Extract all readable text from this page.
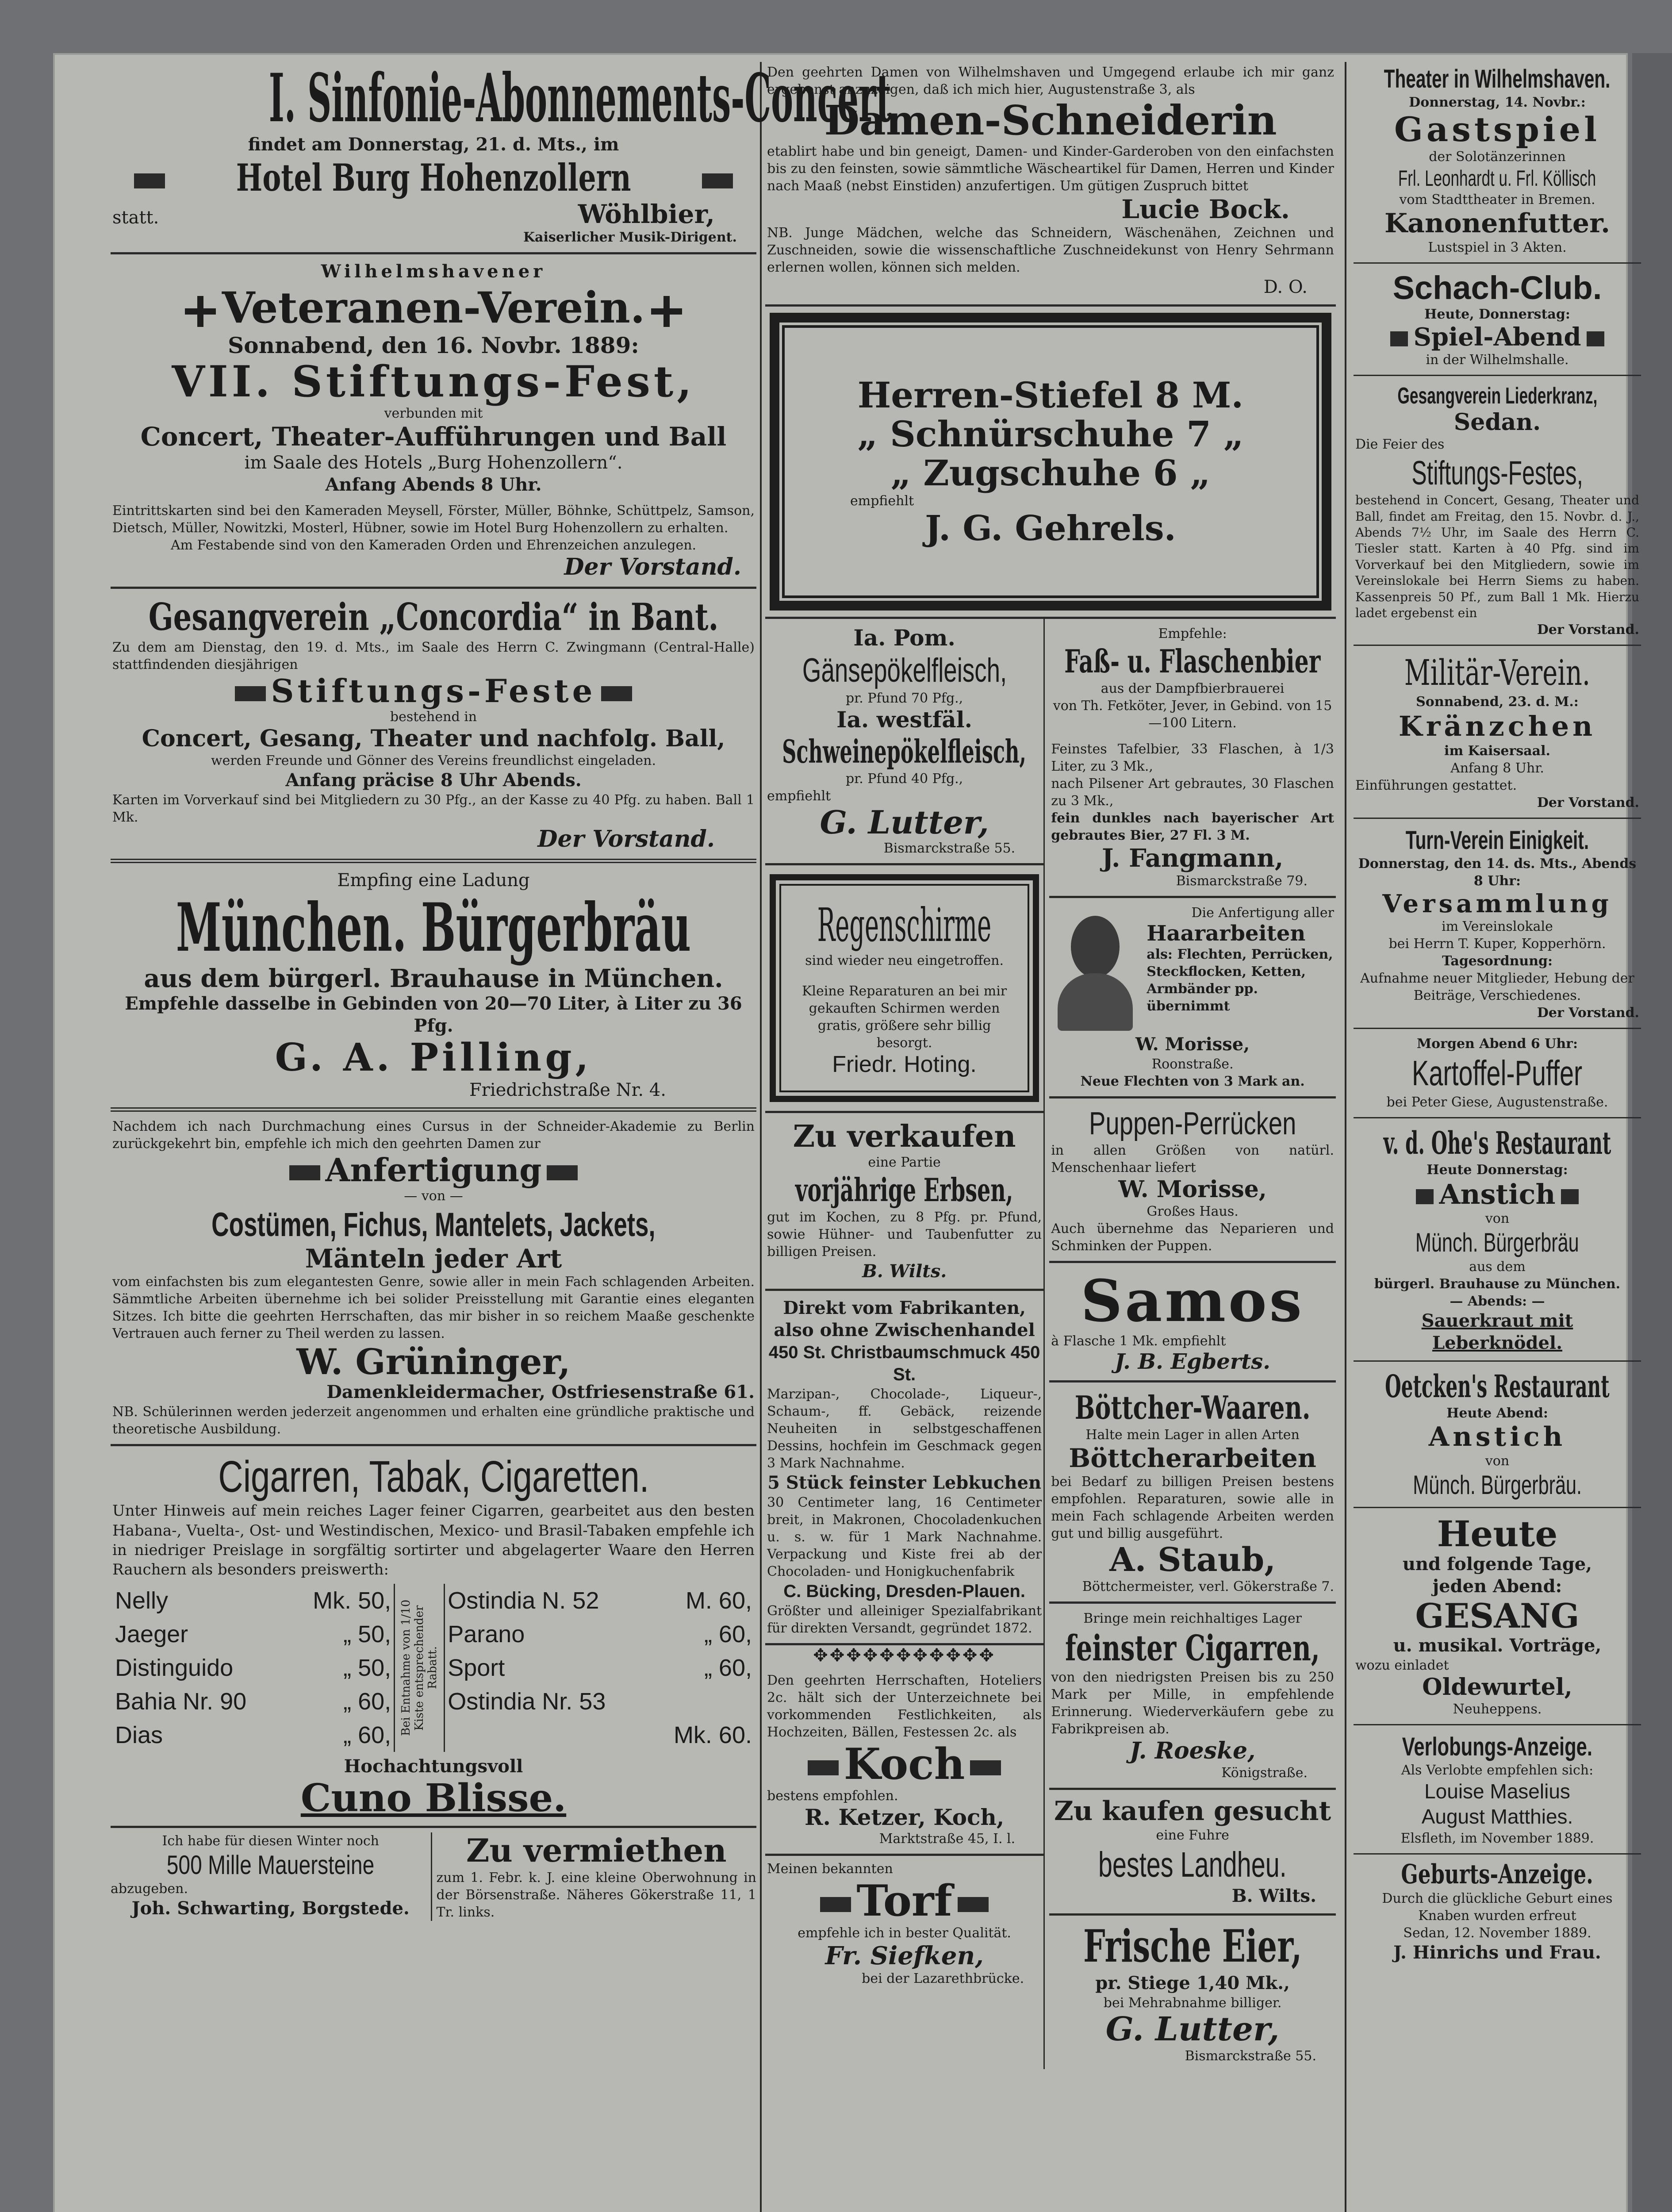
I. Sinfonie-Abonnements-Concert
findet am Donnerstag, 21. d. Mts., im
Hotel Burg Hohenzollern
statt.	Wöhlbier,
Kaiserlicher Musik-Dirigent.
Wilhelmshavener
Veteranen-Verein.
Sonnabend, den 16. Novbr. 1889:
VII. Stiftungs-Fest,
verbunden mit
Concert, Theater-Aufführungen und Ball
im Saale des Hotels „Burg Hohenzollern“.
Anfang Abends 8 Uhr.
Eintrittskarten sind bei den Kameraden Meysell, Förster, Müller, Böhnke, Schüttpelz, Samson, Dietsch, Müller, Nowitzki, Mosterl, Hübner, sowie im Hotel Burg Hohenzollern zu erhalten.
Am Festabende sind von den Kameraden Orden und Ehrenzeichen anzulegen.
Der Vorstand.
Gesangverein „Concordia“ in Bant.
Zu dem am Dienstag, den 19. d. Mts., im Saale des Herrn C. Zwingmann (Central-Halle) stattfindenden diesjährigen
Stiftungs-Feste
bestehend in
Concert, Gesang, Theater und nachfolg. Ball,
werden Freunde und Gönner des Vereins freundlichst eingeladen.
Anfang präcise 8 Uhr Abends.
Karten im Vorverkauf sind bei Mitgliedern zu 30 Pfg., an der Kasse zu 40 Pfg. zu haben. Ball 1 Mk.
Der Vorstand.
Empfing eine Ladung
München. Bürgerbräu
aus dem bürgerl. Brauhause in München.
Empfehle dasselbe in Gebinden von 20—70 Liter, à Liter zu 36 Pfg.
G. A. Pilling,
Friedrichstraße Nr. 4.
Nachdem ich nach Durchmachung eines Cursus in der Schneider-Akademie zu Berlin zurückgekehrt bin, empfehle ich mich den geehrten Damen zur
Anfertigung
— von —
Costümen, Fichus, Mantelets, Jackets,
Mänteln jeder Art
vom einfachsten bis zum elegantesten Genre, sowie aller in mein Fach schlagenden Arbeiten. Sämmtliche Arbeiten übernehme ich bei solider Preisstellung mit Garantie eines eleganten Sitzes. Ich bitte die geehrten Herrschaften, das mir bisher in so reichem Maaße geschenkte Vertrauen auch ferner zu Theil werden zu lassen.
W. Grüninger,
Damenkleidermacher, Ostfriesenstraße 61.
NB. Schülerinnen werden jederzeit angenommen und erhalten eine gründliche praktische und theoretische Ausbildung.
Cigarren, Tabak, Cigaretten.
Unter Hinweis auf mein reiches Lager feiner Cigarren, gearbeitet aus den besten Habana-, Vuelta-, Ost- und Westindischen, Mexico- und Brasil-Tabaken empfehle ich in niedriger Preislage in sorgfältig sortirter und abgelagerter Waare den Herren Rauchern als besonders preiswerth:
Nelly	Mk. 50,
Jaeger	„ 50,
Distinguido	„ 50,
Bahia Nr. 90	„ 60,
Dias	„ 60, Bei Entnahme von 1/10 Kiste entsprechender Rabatt.
Ostindia N. 52	M. 60,
Parano	„ 60,
Sport	„ 60,
Ostindia Nr. 53	
	Mk. 60.
Hochachtungsvoll
Cuno Blisse.
Ich habe für diesen Winter noch
500 Mille Mauersteine
abzugeben.
Joh. Schwarting, Borgstede.
Zu vermiethen
zum 1. Febr. k. J. eine kleine Oberwohnung in der Börsenstraße. Näheres Gökerstraße 11, 1 Tr. links.
Den geehrten Damen von Wilhelmshaven und Umgegend erlaube ich mir ganz ergebenst anzuzeigen, daß ich mich hier, Augustenstraße 3, als
Damen-Schneiderin
etablirt habe und bin geneigt, Damen- und Kinder-Garderoben von den einfachsten bis zu den feinsten, sowie sämmtliche Wäscheartikel für Damen, Herren und Kinder nach Maaß (nebst Einstiden) anzufertigen. Um gütigen Zuspruch bittet
Lucie Bock.
NB. Junge Mädchen, welche das Schneidern, Wäschenähen, Zeichnen und Zuschneiden, sowie die wissenschaftliche Zuschneidekunst von Henry Sehrmann erlernen wollen, können sich melden.
D. O.
Herren-Stiefel 8 M.
„ Schnürschuhe 7 „
„ Zugschuhe 6 „
empfiehlt
J. G. Gehrels.
Ia. Pom.
Gänsepökelfleisch,
pr. Pfund 70 Pfg.,
Ia. westfäl.
Schweinepökelfleisch,
pr. Pfund 40 Pfg.,
empfiehlt
G. Lutter,
Bismarckstraße 55.
Regenschirme
sind wieder neu eingetroffen.
Kleine Reparaturen an bei mir gekauften Schirmen werden gratis, größere sehr billig besorgt.
Friedr. Hoting.
Zu verkaufen
eine Partie
vorjährige Erbsen,
gut im Kochen, zu 8 Pfg. pr. Pfund, sowie Hühner- und Taubenfutter zu billigen Preisen.
B. Wilts.
Direkt vom Fabrikanten, also ohne Zwischenhandel
450 St. Christbaumschmuck 450 St.
Marzipan-, Chocolade-, Liqueur-, Schaum-, ff. Gebäck, reizende Neuheiten in selbstgeschaffenen Dessins, hochfein im Geschmack gegen 3 Mark Nachnahme.
5 Stück feinster Lebkuchen
30 Centimeter lang, 16 Centimeter breit, in Makronen, Chocoladenkuchen u. s. w. für 1 Mark Nachnahme. Verpackung und Kiste frei ab der Chocoladen- und Honigkuchenfabrik
C. Bücking, Dresden-Plauen.
Größter und alleiniger Spezialfabrikant für direkten Versandt, gegründet 1872.
✥✥✥✥✥✥✥✥✥✥✥
Den geehrten Herrschaften, Hoteliers 2c. hält sich der Unterzeichnete bei vorkommenden Festlichkeiten, als Hochzeiten, Bällen, Festessen 2c. als
Koch
bestens empfohlen.
R. Ketzer, Koch,
Marktstraße 45, I. l.
Meinen bekannten
Torf
empfehle ich in bester Qualität.
Fr. Siefken,
bei der Lazarethbrücke.
Empfehle:
Faß- u. Flaschenbier
aus der Dampfbierbrauerei
von Th. Fetköter, Jever, in Gebind. von 15—100 Litern.
Feinstes Tafelbier, 33 Flaschen, à 1/3 Liter, zu 3 Mk.,
nach Pilsener Art gebrautes, 30 Flaschen zu 3 Mk.,
fein dunkles nach bayerischer Art gebrautes Bier, 27 Fl. 3 M.
J. Fangmann,
Bismarckstraße 79.
Die Anfertigung aller
Haararbeiten
als: Flechten, Perrücken, Steckflocken, Ketten, Armbänder pp. übernimmt
W. Morisse,
Roonstraße.
Neue Flechten von 3 Mark an.
Puppen-Perrücken
in allen Größen von natürl. Menschenhaar liefert
W. Morisse,
Großes Haus.
Auch übernehme das Neparieren und Schminken der Puppen.
Samos
à Flasche 1 Mk. empfiehlt
J. B. Egberts.
Böttcher-Waaren.
Halte mein Lager in allen Arten
Böttcherarbeiten
bei Bedarf zu billigen Preisen bestens empfohlen. Reparaturen, sowie alle in mein Fach schlagende Arbeiten werden gut und billig ausgeführt.
A. Staub,
Böttchermeister, verl. Gökerstraße 7.
Bringe mein reichhaltiges Lager
feinster Cigarren,
von den niedrigsten Preisen bis zu 250 Mark per Mille, in empfehlende Erinnerung. Wiederverkäufern gebe zu Fabrikpreisen ab.
J. Roeske,
Königstraße.
Zu kaufen gesucht
eine Fuhre
bestes Landheu.
B. Wilts.
Frische Eier,
pr. Stiege 1,40 Mk.,
bei Mehrabnahme billiger.
G. Lutter,
Bismarckstraße 55.
Theater in Wilhelmshaven.
Donnerstag, 14. Novbr.:
Gastspiel
der Solotänzerinnen
Frl. Leonhardt u. Frl. Köllisch
vom Stadttheater in Bremen.
Kanonenfutter.
Lustspiel in 3 Akten.
Schach-Club.
Heute, Donnerstag:
Spiel-Abend
in der Wilhelmshalle.
Gesangverein Liederkranz,
Sedan.
Die Feier des
Stiftungs-Festes,
bestehend in Concert, Gesang, Theater und Ball, findet am Freitag, den 15. Novbr. d. J., Abends 7½ Uhr, im Saale des Herrn C. Tiesler statt. Karten à 40 Pfg. sind im Vorverkauf bei den Mitgliedern, sowie im Vereinslokale bei Herrn Siems zu haben. Kassenpreis 50 Pf., zum Ball 1 Mk. Hierzu ladet ergebenst ein
Der Vorstand.
Militär-Verein.
Sonnabend, 23. d. M.:
Kränzchen
im Kaisersaal.
Anfang 8 Uhr.
Einführungen gestattet.
Der Vorstand.
Turn-Verein Einigkeit.
Donnerstag, den 14. ds. Mts., Abends 8 Uhr:
Versammlung
im Vereinslokale
bei Herrn T. Kuper, Kopperhörn.
Tagesordnung:
Aufnahme neuer Mitglieder, Hebung der Beiträge, Verschiedenes.
Der Vorstand.
Morgen Abend 6 Uhr:
Kartoffel-Puffer
bei Peter Giese, Augustenstraße.
v. d. Ohe's Restaurant
Heute Donnerstag:
Anstich
von
Münch. Bürgerbräu
aus dem
bürgerl. Brauhause zu München.
— Abends: —
Sauerkraut mit Leberknödel.
Oetcken's Restaurant
Heute Abend:
Anstich
von
Münch. Bürgerbräu.
Heute
und folgende Tage,
jeden Abend:
GESANG
u. musikal. Vorträge,
wozu einladet
Oldewurtel,
Neuheppens.
Verlobungs-Anzeige.
Als Verlobte empfehlen sich:
Louise Maselius
August Matthies.
Elsfleth, im November 1889.
Geburts-Anzeige.
Durch die glückliche Geburt eines Knaben wurden erfreut
Sedan, 12. November 1889.
J. Hinrichs und Frau.
